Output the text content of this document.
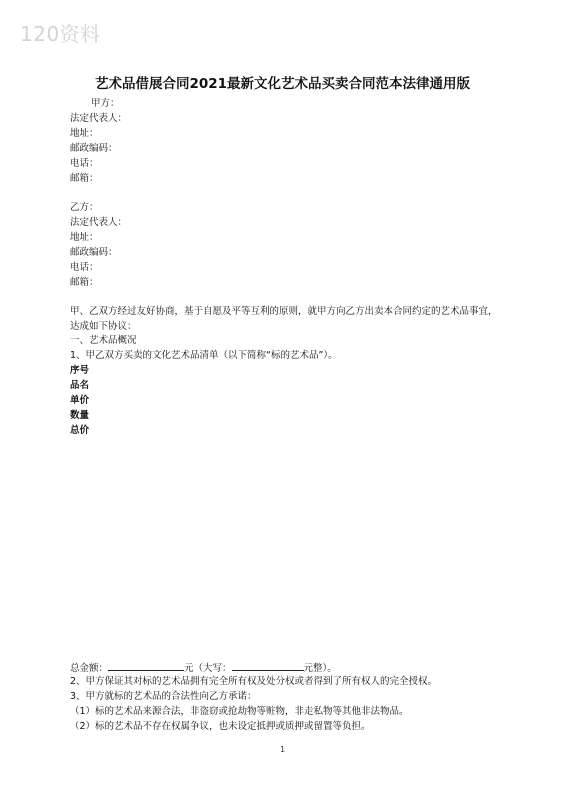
120资料
艺术品借展合同2021最新文化艺术品买卖合同范本法律通用版
甲方：
法定代表人：
地址：
邮政编码：
电话：
邮箱：
乙方：
法定代表人：
地址：
邮政编码：
电话：
邮箱：
甲、乙双方经过友好协商，基于自愿及平等互利的原则，就甲方向乙方出卖本合同约定的艺术品事宜，达成如下协议：
一、艺术品概况
1、甲乙双方买卖的文化艺术品清单（以下简称“标的艺术品”）。
序号
品名
单价
数量
总价
总金额：	元（大写：	元整）。
2、甲方保证其对标的艺术品拥有完全所有权及处分权或者得到了所有权人的完全授权。
3、甲方就标的艺术品的合法性向乙方承诺：
（1）标的艺术品来源合法，非盗窃或抢劫物等赃物，非走私物等其他非法物品。
（2）标的艺术品不存在权属争议，也未设定抵押或质押或留置等负担。
1
